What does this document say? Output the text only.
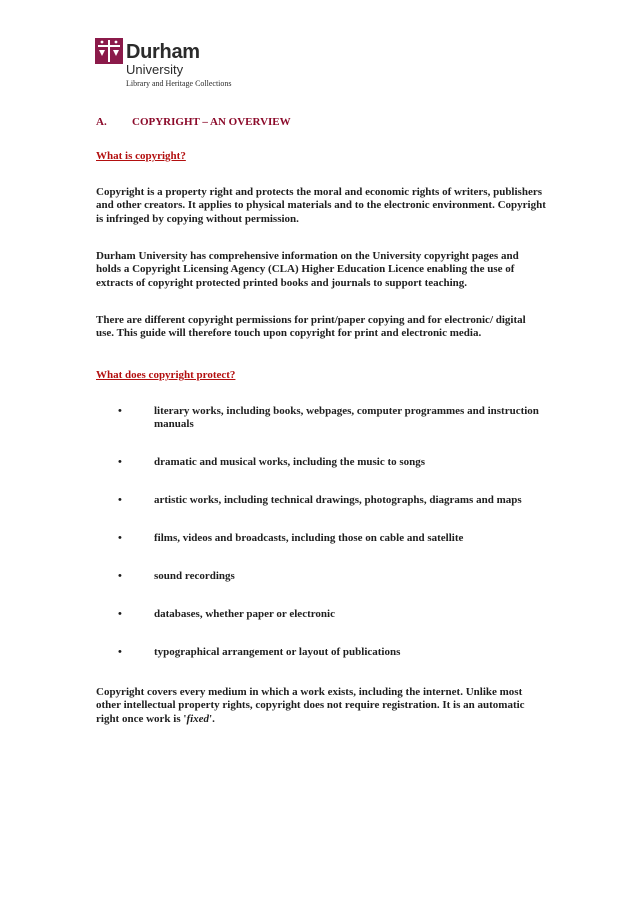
Durham
University
Library and Heritage Collections
A. COPYRIGHT – AN OVERVIEW
What is copyright?
Copyright is a property right and protects the moral and economic rights of writers, publishers and other creators. It applies to physical materials and to the electronic environment. Copyright is infringed by copying without permission.
Durham University has comprehensive information on the University copyright pages and holds a Copyright Licensing Agency (CLA) Higher Education Licence enabling the use of extracts of copyright protected printed books and journals to support teaching.
There are different copyright permissions for print/paper copying and for electronic/ digital use. This guide will therefore touch upon copyright for print and electronic media.
What does copyright protect?
•	literary works, including books, webpages, computer programmes and instruction manuals
•	dramatic and musical works, including the music to songs
•	artistic works, including technical drawings, photographs, diagrams and maps
•	films, videos and broadcasts, including those on cable and satellite
•	sound recordings
•	databases, whether paper or electronic
•	typographical arrangement or layout of publications
Copyright covers every medium in which a work exists, including the internet. Unlike most other intellectual property rights, copyright does not require registration. It is an automatic right once work is 'fixed'.
